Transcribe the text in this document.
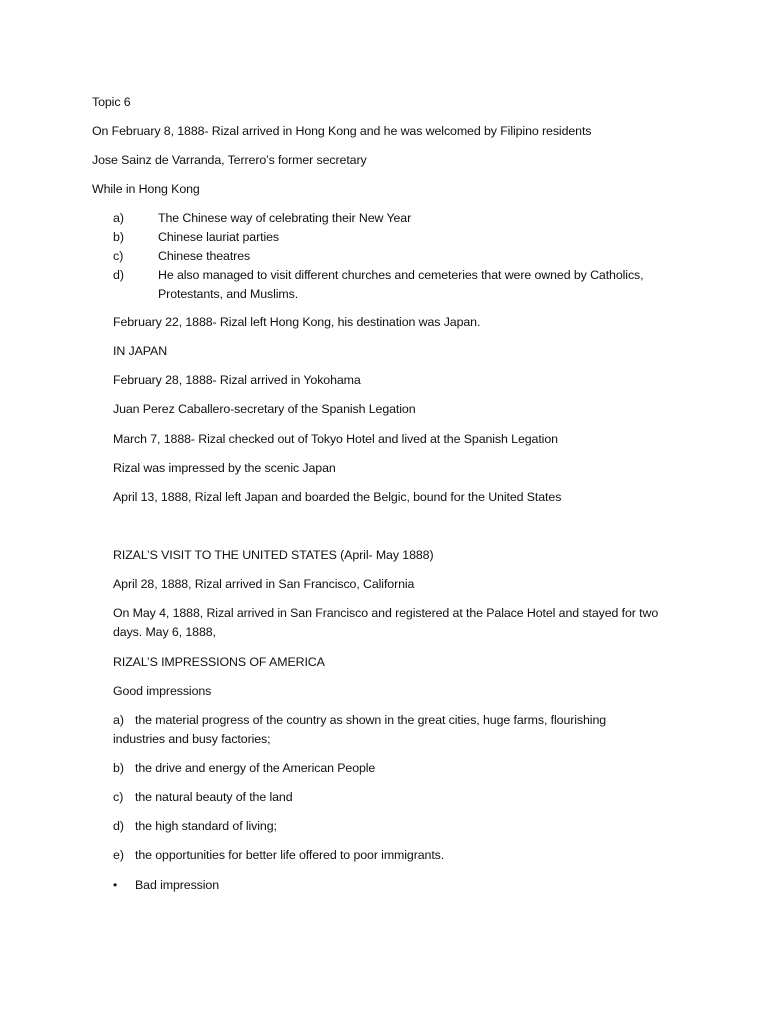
Topic 6
On February 8, 1888- Rizal arrived in Hong Kong and he was welcomed by Filipino residents
Jose Sainz de Varranda, Terrero’s former secretary
While in Hong Kong
a)	The Chinese way of celebrating their New Year
b)	Chinese lauriat parties
c)	Chinese theatres
d)	He also managed to visit different churches and cemeteries that were owned by Catholics,
Protestants, and Muslims.
February 22, 1888- Rizal left Hong Kong, his destination was Japan.
IN JAPAN
February 28, 1888- Rizal arrived in Yokohama
Juan Perez Caballero-secretary of the Spanish Legation
March 7, 1888- Rizal checked out of Tokyo Hotel and lived at the Spanish Legation
Rizal was impressed by the scenic Japan
April 13, 1888, Rizal left Japan and boarded the Belgic, bound for the United States
RIZAL’S VISIT TO THE UNITED STATES (April- May 1888)
April 28, 1888, Rizal arrived in San Francisco, California
On May 4, 1888, Rizal arrived in San Francisco and registered at the Palace Hotel and stayed for two
days. May 6, 1888,
RIZAL’S IMPRESSIONS OF AMERICA
Good impressions
a) the material progress of the country as shown in the great cities, huge farms, flourishing
industries and busy factories;
b) the drive and energy of the American People
c) the natural beauty of the land
d) the high standard of living;
e) the opportunities for better life offered to poor immigrants.
• Bad impression
